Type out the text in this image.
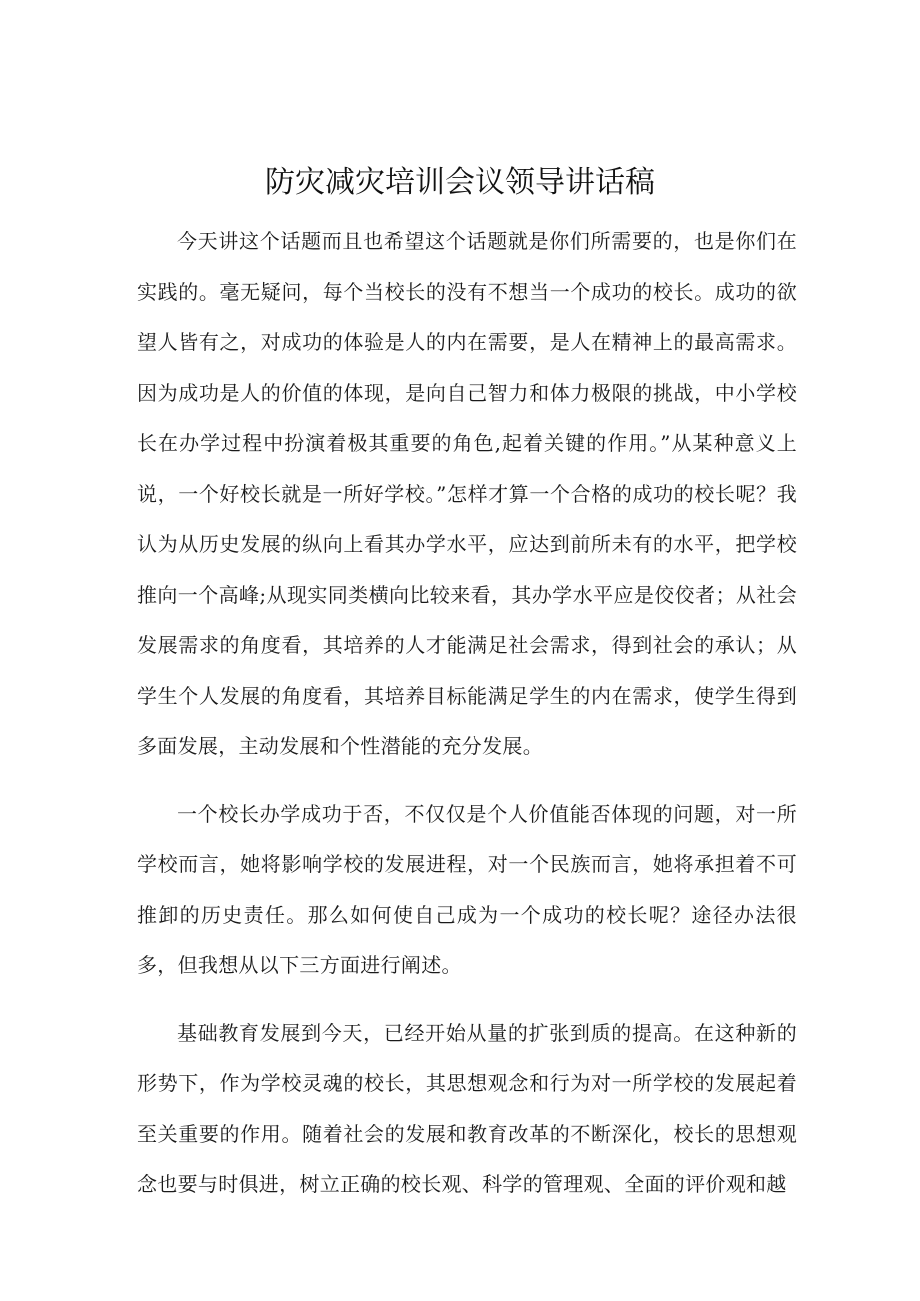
防灾减灾培训会议领导讲话稿

今天讲这个话题而且也希望这个话题就是你们所需要的，也是你们在实践的。毫无疑问，每个当校长的没有不想当一个成功的校长。成功的欲望人皆有之，对成功的体验是人的内在需要，是人在精神上的最高需求。因为成功是人的价值的体现，是向自己智力和体力极限的挑战，中小学校长在办学过程中扮演着极其重要的角色,起着关键的作用。”从某种意义上说，一个好校长就是一所好学校。”怎样才算一个合格的成功的校长呢？我认为从历史发展的纵向上看其办学水平，应达到前所未有的水平，把学校推向一个高峰;从现实同类横向比较来看，其办学水平应是佼佼者；从社会发展需求的角度看，其培养的人才能满足社会需求，得到社会的承认；从学生个人发展的角度看，其培养目标能满足学生的内在需求，使学生得到多面发展，主动发展和个性潜能的充分发展。

一个校长办学成功于否，不仅仅是个人价值能否体现的问题，对一所学校而言，她将影响学校的发展进程，对一个民族而言，她将承担着不可推卸的历史责任。那么如何使自己成为一个成功的校长呢？途径办法很多，但我想从以下三方面进行阐述。

基础教育发展到今天，已经开始从量的扩张到质的提高。在这种新的形势下，作为学校灵魂的校长，其思想观念和行为对一所学校的发展起着至关重要的作用。随着社会的发展和教育改革的不断深化，校长的思想观念也要与时俱进，树立正确的校长观、科学的管理观、全面的评价观和越
